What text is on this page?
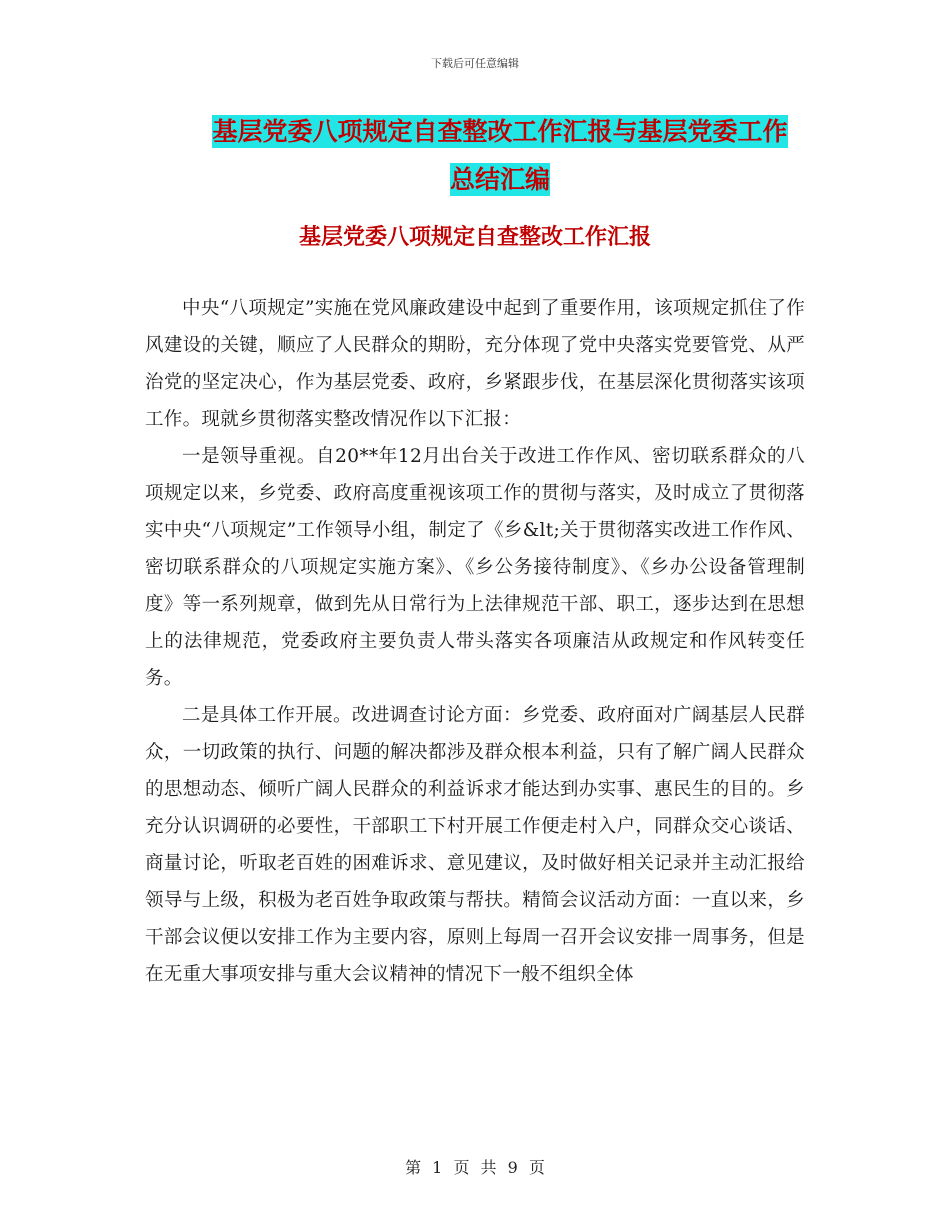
下载后可任意编辑
基层党委八项规定自查整改工作汇报与基层党委工作
总结汇编
基层党委八项规定自查整改工作汇报

中央“八项规定”实施在党风廉政建设中起到了重要作用，该项规定抓住了作风建设的关键，顺应了人民群众的期盼，充分体现了党中央落实党要管党、从严治党的坚定决心，作为基层党委、政府，乡紧跟步伐，在基层深化贯彻落实该项工作。现就乡贯彻落实整改情况作以下汇报：

一是领导重视。自20**年12月出台关于改进工作作风、密切联系群众的八项规定以来，乡党委、政府高度重视该项工作的贯彻与落实，及时成立了贯彻落实中央“八项规定”工作领导小组，制定了《乡&lt;关于贯彻落实改进工作作风、密切联系群众的八项规定实施方案》、《乡公务接待制度》、《乡办公设备管理制度》等一系列规章，做到先从日常行为上法律规范干部、职工，逐步达到在思想上的法律规范，党委政府主要负责人带头落实各项廉洁从政规定和作风转变任务。

二是具体工作开展。改进调查讨论方面：乡党委、政府面对广阔基层人民群众，一切政策的执行、问题的解决都涉及群众根本利益，只有了解广阔人民群众的思想动态、倾听广阔人民群众的利益诉求才能达到办实事、惠民生的目的。乡充分认识调研的必要性，干部职工下村开展工作便走村入户，同群众交心谈话、商量讨论，听取老百姓的困难诉求、意见建议，及时做好相关记录并主动汇报给领导与上级，积极为老百姓争取政策与帮扶。精简会议活动方面：一直以来，乡干部会议便以安排工作为主要内容，原则上每周一召开会议安排一周事务，但是在无重大事项安排与重大会议精神的情况下一般不组织全体

第 1 页 共 9 页
